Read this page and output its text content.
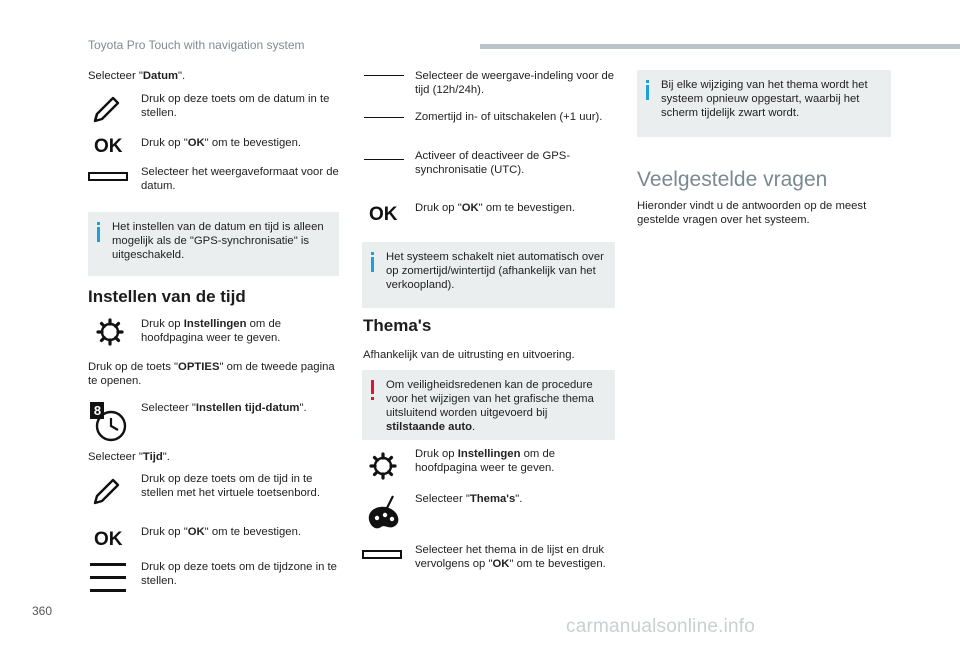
Toyota Pro Touch with navigation system
Selecteer "Datum".
Druk op deze toets om de datum in te stellen.
OK Druk op "OK" om te bevestigen.
Selecteer het weergaveformaat voor de datum.
Het instellen van de datum en tijd is alleen mogelijk als de "GPS-synchronisatie" is uitgeschakeld.
Instellen van de tijd
Druk op Instellingen om de hoofdpagina weer te geven.
Druk op de toets "OPTIES" om de tweede pagina te openen.
8	Selecteer "Instellen tijd-datum".
Selecteer "Tijd".
Druk op deze toets om de tijd in te stellen met het virtuele toetsenbord.
OK Druk op "OK" om te bevestigen.
Druk op deze toets om de tijdzone in te stellen.
Selecteer de weergave-indeling voor de tijd (12h/24h).
Zomertijd in- of uitschakelen (+1 uur).
Activeer of deactiveer de GPS-synchronisatie (UTC).
OK Druk op "OK" om te bevestigen.
Het systeem schakelt niet automatisch over op zomertijd/wintertijd (afhankelijk van het verkoopland).
Thema's
Afhankelijk van de uitrusting en uitvoering.
Om veiligheidsredenen kan de procedure voor het wijzigen van het grafische thema uitsluitend worden uitgevoerd bij stilstaande auto.
Druk op Instellingen om de hoofdpagina weer te geven.
Selecteer "Thema's".
Selecteer het thema in de lijst en druk vervolgens op "OK" om te bevestigen.
Bij elke wijziging van het thema wordt het systeem opnieuw opgestart, waarbij het scherm tijdelijk zwart wordt.
Veelgestelde vragen
Hieronder vindt u de antwoorden op de meest gestelde vragen over het systeem.
360
carmanualsonline.info
